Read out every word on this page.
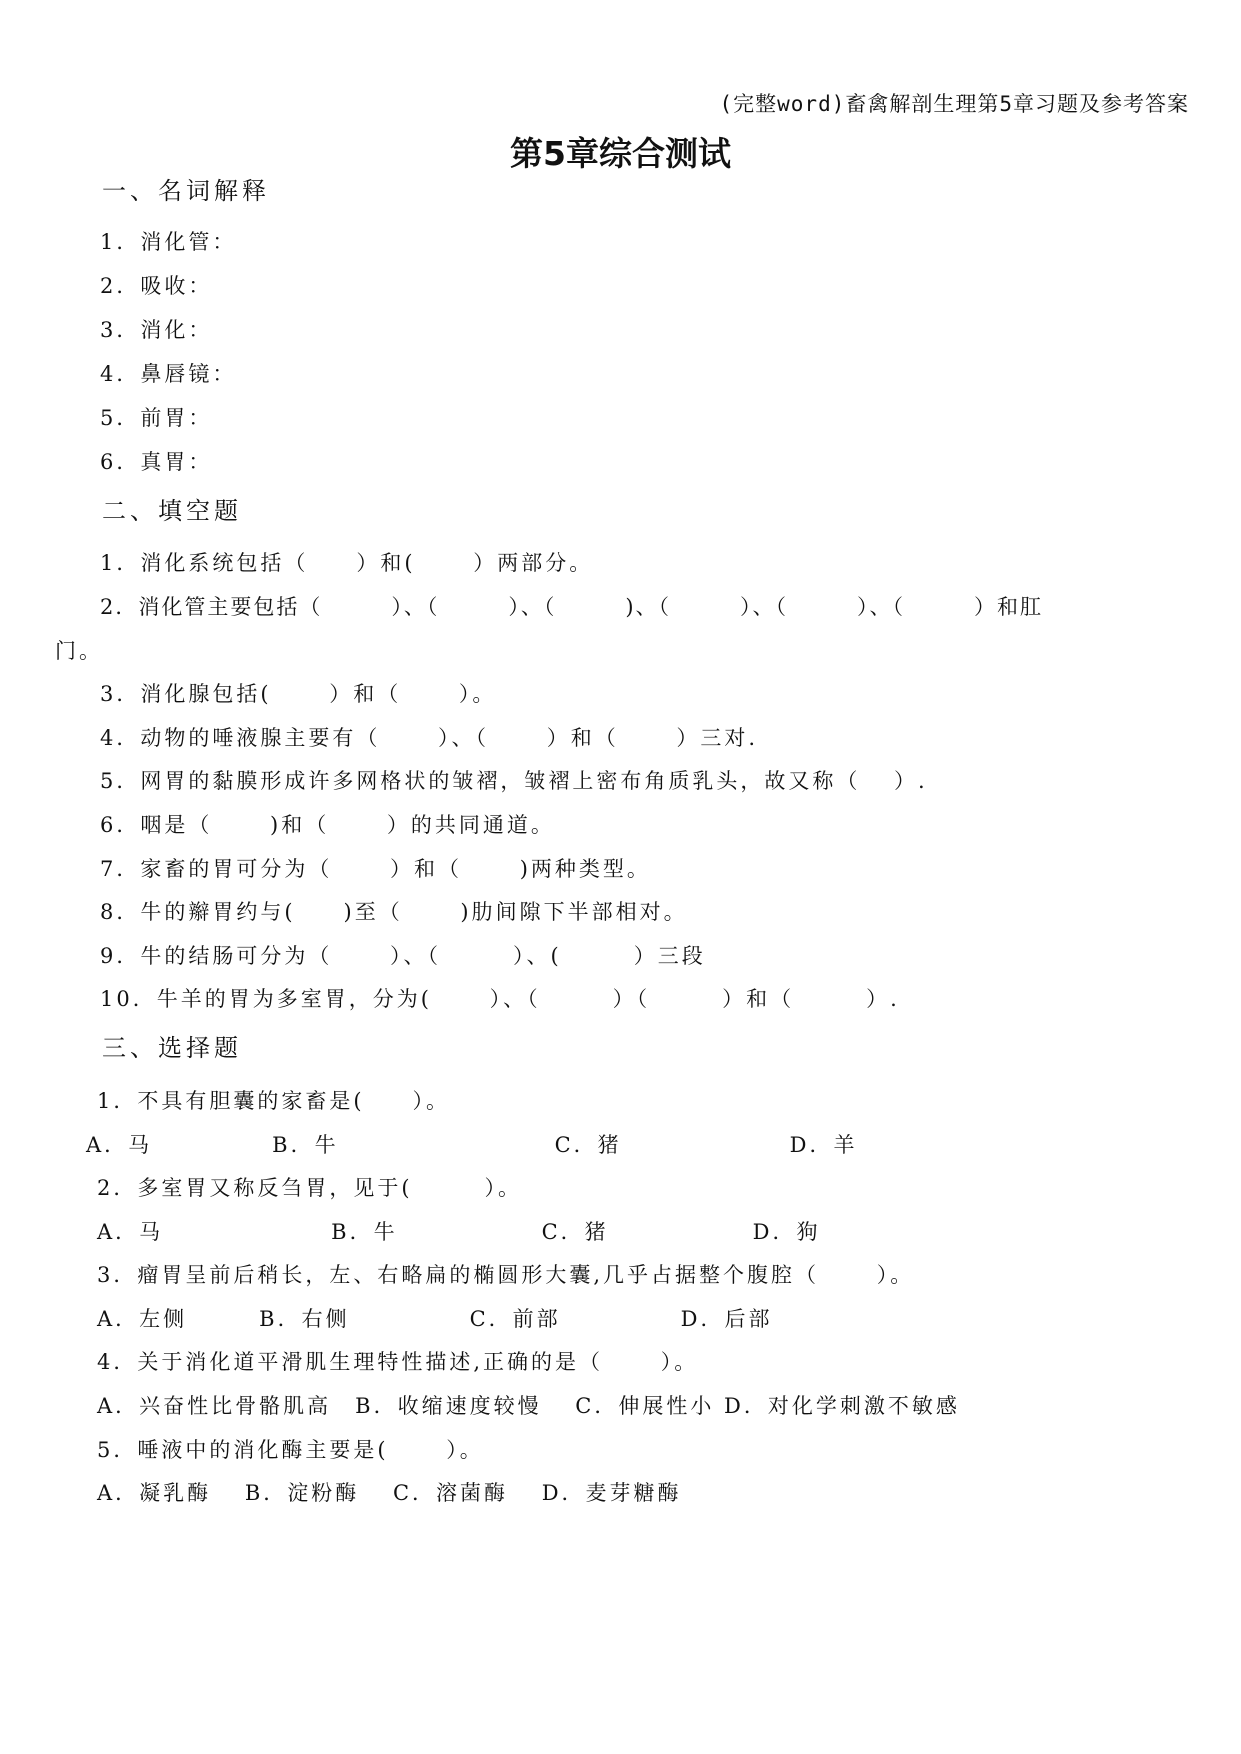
(完整word)畜禽解剖生理第5章习题及参考答案
第5章综合测试
一、名词解释
1．消化管：
2．吸收：
3．消化：
4．鼻唇镜：
5．前胃：
6．真胃：
二、填空题
1．消化系统包括（　　）和(　　 ）两部分。
2．消化管主要包括（　　　）、（　　　）、（　　　)、（　　　）、（　　　）、（　　　）和肛
门。
3．消化腺包括(　　 ）和（　　 ）。
4．动物的唾液腺主要有（　　 ）、（　　 ）和（　　 ）三对.
5．网胃的黏膜形成许多网格状的皱褶，皱褶上密布角质乳头，故又称（　 ）.
6．咽是（　　 )和（　　 ）的共同通道。
7．家畜的胃可分为（　　 ）和（　　 )两种类型。
8．牛的辮胃约与(　　)至（　　 )肋间隙下半部相对。
9．牛的结肠可分为（　　 ）、（　　　）、(　　　）三段
10．牛羊的胃为多室胃，分为(　　 ）、（　　　）（　　　）和（　　　）.
三、选择题
1．不具有胆囊的家畜是(　　）。
A．马　　　　　B．牛　　　　　　　　　C．猪　　　　　　　D．羊
2．多室胃又称反刍胃，见于(　　　）。
A．马　　　　　　　B．牛　　　　　　C．猪　　　　　　D．狗
3．瘤胃呈前后稍长，左、右略扁的椭圆形大囊,几乎占据整个腹腔（　　 ）。
A．左侧　　　B．右侧　　　　　C．前部　　　　　D．后部
4．关于消化道平滑肌生理特性描述,正确的是（　　 ）。
A．兴奋性比骨骼肌高　B．收缩速度较慢　 C．伸展性小 D．对化学刺激不敏感
5．唾液中的消化酶主要是(　　 ）。
A．凝乳酶　 B．淀粉酶　 C．溶菌酶　 D．麦芽糖酶
